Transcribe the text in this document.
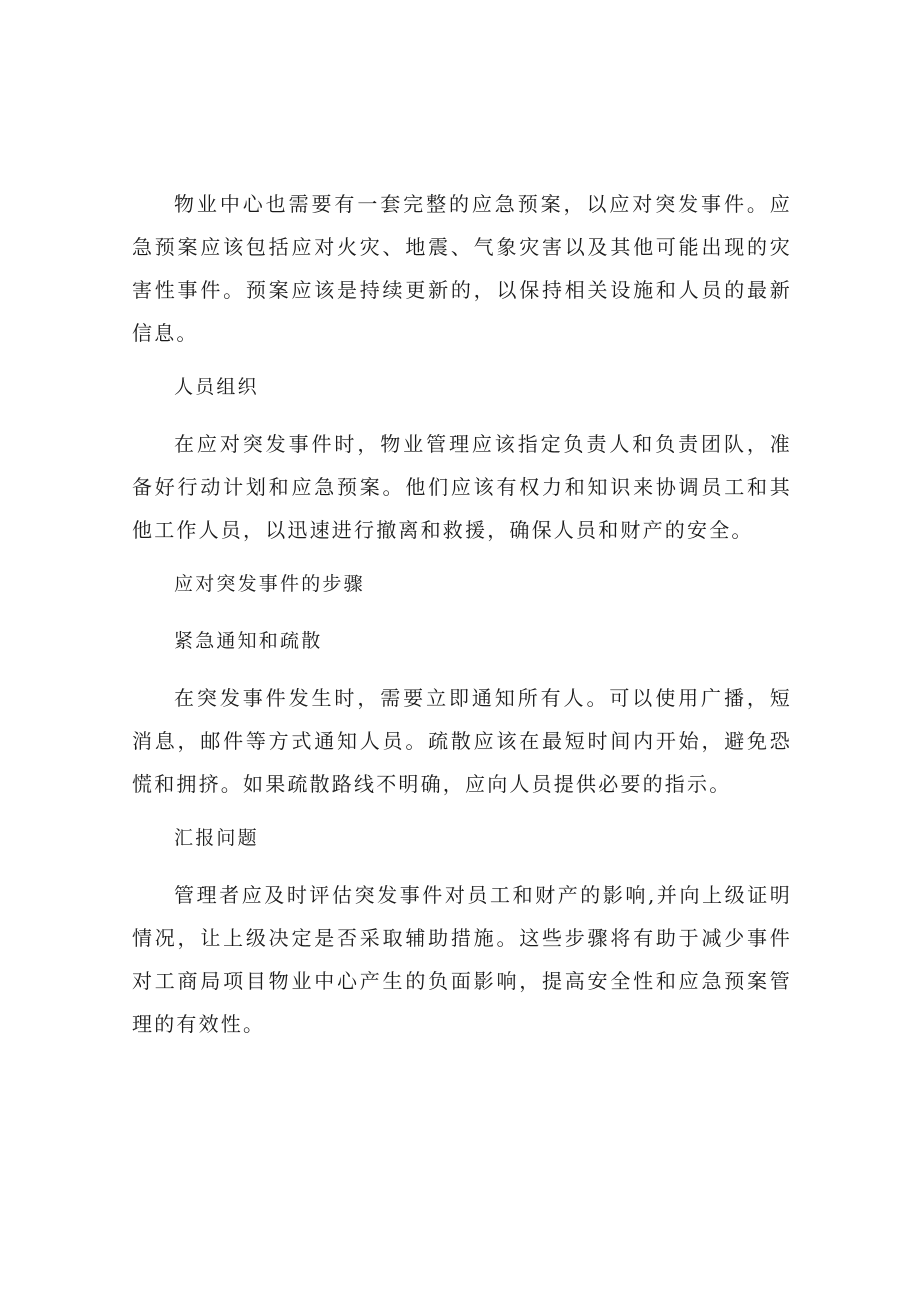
物业中心也需要有一套完整的应急预案，以应对突发事件。应急预案应该包括应对火灾、地震、气象灾害以及其他可能出现的灾害性事件。预案应该是持续更新的，以保持相关设施和人员的最新信息。

人员组织

在应对突发事件时，物业管理应该指定负责人和负责团队，准备好行动计划和应急预案。他们应该有权力和知识来协调员工和其他工作人员，以迅速进行撤离和救援，确保人员和财产的安全。

应对突发事件的步骤

紧急通知和疏散

在突发事件发生时，需要立即通知所有人。可以使用广播，短消息，邮件等方式通知人员。疏散应该在最短时间内开始，避免恐慌和拥挤。如果疏散路线不明确，应向人员提供必要的指示。

汇报问题

管理者应及时评估突发事件对员工和财产的影响,并向上级证明情况，让上级决定是否采取辅助措施。这些步骤将有助于减少事件对工商局项目物业中心产生的负面影响，提高安全性和应急预案管理的有效性。
